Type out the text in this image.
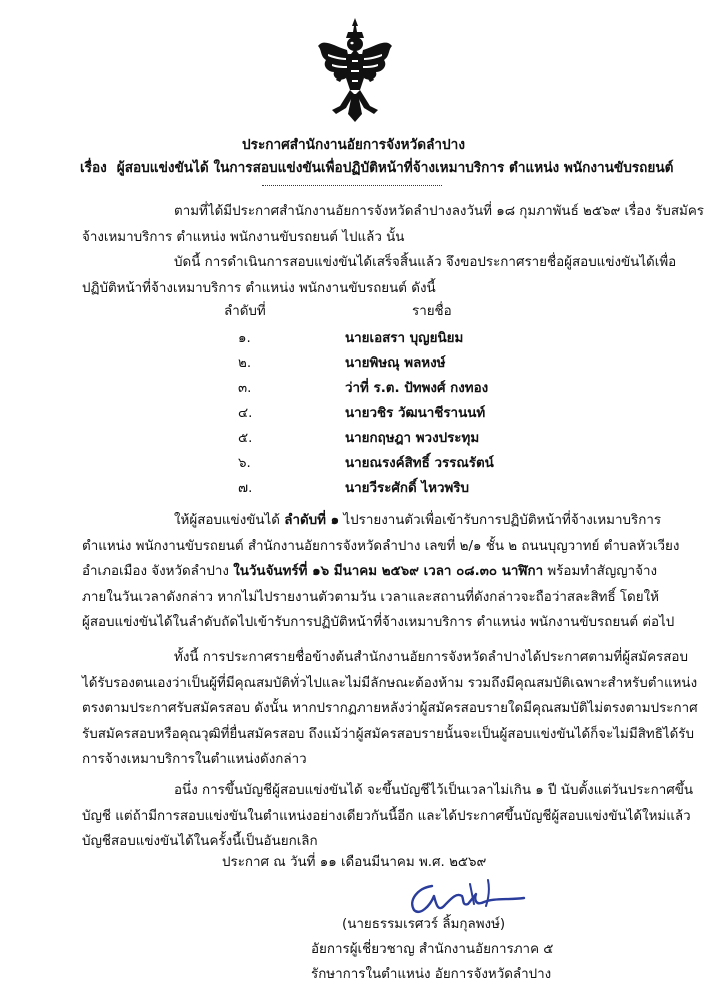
ประกาศสำนักงานอัยการจังหวัดลำปาง
เรื่อง ผู้สอบแข่งขันได้ ในการสอบแข่งขันเพื่อปฏิบัติหน้าที่จ้างเหมาบริการ ตำแหน่ง พนักงานขับรถยนต์
ตามที่ได้มีประกาศสำนักงานอัยการจังหวัดลำปางลงวันที่ ๑๘ กุมภาพันธ์ ๒๕๖๙ เรื่อง รับสมัคร
จ้างเหมาบริการ ตำแหน่ง พนักงานขับรถยนต์ ไปแล้ว นั้น
บัดนี้ การดำเนินการสอบแข่งขันได้เสร็จสิ้นแล้ว จึงขอประกาศรายชื่อผู้สอบแข่งขันได้เพื่อ
ปฏิบัติหน้าที่จ้างเหมาบริการ ตำแหน่ง พนักงานขับรถยนต์ ดังนี้
ลำดับที่	รายชื่อ
๑.	นายเอสรา บุญยนิยม
๒.	นายพิษณุ พลหงษ์
๓.	ว่าที่ ร.ต. ปัทพงศ์ กงทอง
๔.	นายวชิร วัฒนาชีรานนท์
๕.	นายกฤษฎา พวงประทุม
๖.	นายณรงค์สิทธิ์ วรรณรัตน์
๗.	นายวีระศักดิ์ ไหวพริบ
ให้ผู้สอบแข่งขันได้ ลำดับที่ ๑ ไปรายงานตัวเพื่อเข้ารับการปฏิบัติหน้าที่จ้างเหมาบริการ
ตำแหน่ง พนักงานขับรถยนต์ สำนักงานอัยการจังหวัดลำปาง เลขที่ ๒/๑ ชั้น ๒ ถนนบุญวาทย์ ตำบลหัวเวียง
อำเภอเมือง จังหวัดลำปาง ในวันจันทร์ที่ ๑๖ มีนาคม ๒๕๖๙ เวลา ๐๘.๓๐ นาฬิกา พร้อมทำสัญญาจ้าง
ภายในวันเวลาดังกล่าว หากไม่ไปรายงานตัวตามวัน เวลาและสถานที่ดังกล่าวจะถือว่าสละสิทธิ์ โดยให้
ผู้สอบแข่งขันได้ในลำดับถัดไปเข้ารับการปฏิบัติหน้าที่จ้างเหมาบริการ ตำแหน่ง พนักงานขับรถยนต์ ต่อไป
ทั้งนี้ การประกาศรายชื่อข้างต้นสำนักงานอัยการจังหวัดลำปางได้ประกาศตามที่ผู้สมัครสอบ
ได้รับรองตนเองว่าเป็นผู้ที่มีคุณสมบัติทั่วไปและไม่มีลักษณะต้องห้าม รวมถึงมีคุณสมบัติเฉพาะสำหรับตำแหน่ง
ตรงตามประกาศรับสมัครสอบ ดังนั้น หากปรากฏภายหลังว่าผู้สมัครสอบรายใดมีคุณสมบัติไม่ตรงตามประกาศ
รับสมัครสอบหรือคุณวุฒิที่ยื่นสมัครสอบ ถึงแม้ว่าผู้สมัครสอบรายนั้นจะเป็นผู้สอบแข่งขันได้ก็จะไม่มีสิทธิได้รับ
การจ้างเหมาบริการในตำแหน่งดังกล่าว
อนึ่ง การขึ้นบัญชีผู้สอบแข่งขันได้ จะขึ้นบัญชีไว้เป็นเวลาไม่เกิน ๑ ปี นับตั้งแต่วันประกาศขึ้น
บัญชี แต่ถ้ามีการสอบแข่งขันในตำแหน่งอย่างเดียวกันนี้อีก และได้ประกาศขึ้นบัญชีผู้สอบแข่งขันได้ใหม่แล้ว
บัญชีสอบแข่งขันได้ในครั้งนี้เป็นอันยกเลิก
ประกาศ ณ วันที่ ๑๑ เดือนมีนาคม พ.ศ. ๒๕๖๙
(นายธรรมเรศวร์ ลิ้มกุลพงษ์)
อัยการผู้เชี่ยวชาญ สำนักงานอัยการภาค ๕
รักษาการในตำแหน่ง อัยการจังหวัดลำปาง
